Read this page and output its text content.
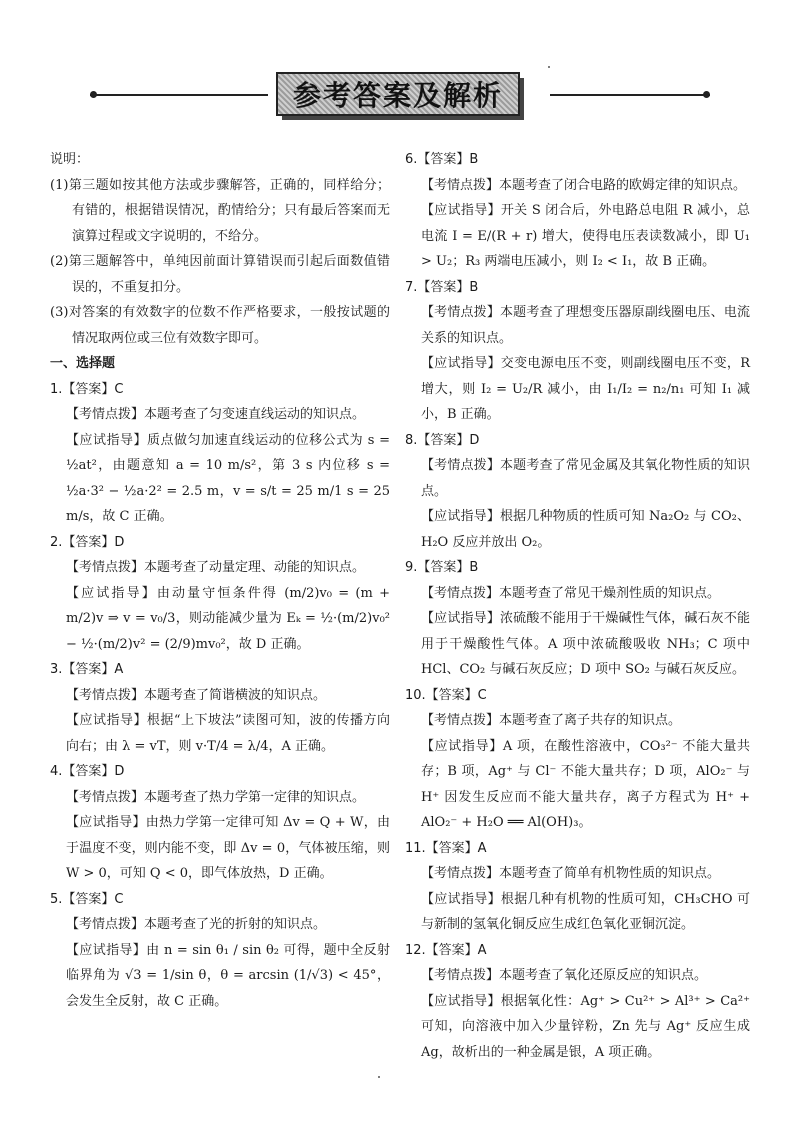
参考答案及解析

说明：

(1)第三题如按其他方法或步骤解答，正确的，同样给分；有错的，根据错误情况，酌情给分；只有最后答案而无演算过程或文字说明的，不给分。

(2)第三题解答中，单纯因前面计算错误而引起后面数值错误的，不重复扣分。

(3)对答案的有效数字的位数不作严格要求，一般按试题的情况取两位或三位有效数字即可。

一、选择题

1.【答案】C

【考情点拨】本题考查了匀变速直线运动的知识点。

【应试指导】质点做匀加速直线运动的位移公式为 s = ½at²，由题意知 a = 10 m/s²，第 3 s 内位移 s = ½a·3² − ½a·2² = 2.5 m，v = s/t = 25 m/1 s = 25 m/s，故 C 正确。

2.【答案】D

【考情点拨】本题考查了动量定理、动能的知识点。

【应试指导】由动量守恒条件得 (m/2)v₀ = (m + m/2)v ⇒ v = v₀/3，则动能减少量为 Eₖ = ½·(m/2)v₀² − ½·(m/2)v² = (2/9)mv₀²，故 D 正确。

3.【答案】A

【考情点拨】本题考查了简谐横波的知识点。

【应试指导】根据“上下坡法”读图可知，波的传播方向向右；由 λ = vT，则 v·T/4 = λ/4，A 正确。

4.【答案】D

【考情点拨】本题考查了热力学第一定律的知识点。

【应试指导】由热力学第一定律可知 Δv = Q + W，由于温度不变，则内能不变，即 Δv = 0，气体被压缩，则 W > 0，可知 Q < 0，即气体放热，D 正确。

5.【答案】C

【考情点拨】本题考查了光的折射的知识点。

【应试指导】由 n = sin θ₁ / sin θ₂ 可得，题中全反射临界角为 √3 = 1/sin θ，θ = arcsin (1/√3) < 45°，会发生全反射，故 C 正确。

6.【答案】B

【考情点拨】本题考查了闭合电路的欧姆定律的知识点。

【应试指导】开关 S 闭合后，外电路总电阻 R 减小，总电流 I = E/(R + r) 增大，使得电压表读数减小，即 U₁ > U₂；R₃ 两端电压减小，则 I₂ < I₁，故 B 正确。

7.【答案】B

【考情点拨】本题考查了理想变压器原副线圈电压、电流关系的知识点。

【应试指导】交变电源电压不变，则副线圈电压不变，R 增大，则 I₂ = U₂/R 减小，由 I₁/I₂ = n₂/n₁ 可知 I₁ 减小，B 正确。

8.【答案】D

【考情点拨】本题考查了常见金属及其氧化物性质的知识点。

【应试指导】根据几种物质的性质可知 Na₂O₂ 与 CO₂、H₂O 反应并放出 O₂。

9.【答案】B

【考情点拨】本题考查了常见干燥剂性质的知识点。

【应试指导】浓硫酸不能用于干燥碱性气体，碱石灰不能用于干燥酸性气体。A 项中浓硫酸吸收 NH₃；C 项中 HCl、CO₂ 与碱石灰反应；D 项中 SO₂ 与碱石灰反应。

10.【答案】C

【考情点拨】本题考查了离子共存的知识点。

【应试指导】A 项，在酸性溶液中，CO₃²⁻ 不能大量共存；B 项，Ag⁺ 与 Cl⁻ 不能大量共存；D 项，AlO₂⁻ 与 H⁺ 因发生反应而不能大量共存，离子方程式为 H⁺ + AlO₂⁻ + H₂O ══ Al(OH)₃。

11.【答案】A

【考情点拨】本题考查了简单有机物性质的知识点。

【应试指导】根据几种有机物的性质可知，CH₃CHO 可与新制的氢氧化铜反应生成红色氧化亚铜沉淀。

12.【答案】A

【考情点拨】本题考查了氧化还原反应的知识点。

【应试指导】根据氧化性：Ag⁺ > Cu²⁺ > Al³⁺ > Ca²⁺ 可知，向溶液中加入少量锌粉，Zn 先与 Ag⁺ 反应生成 Ag，故析出的一种金属是银，A 项正确。
